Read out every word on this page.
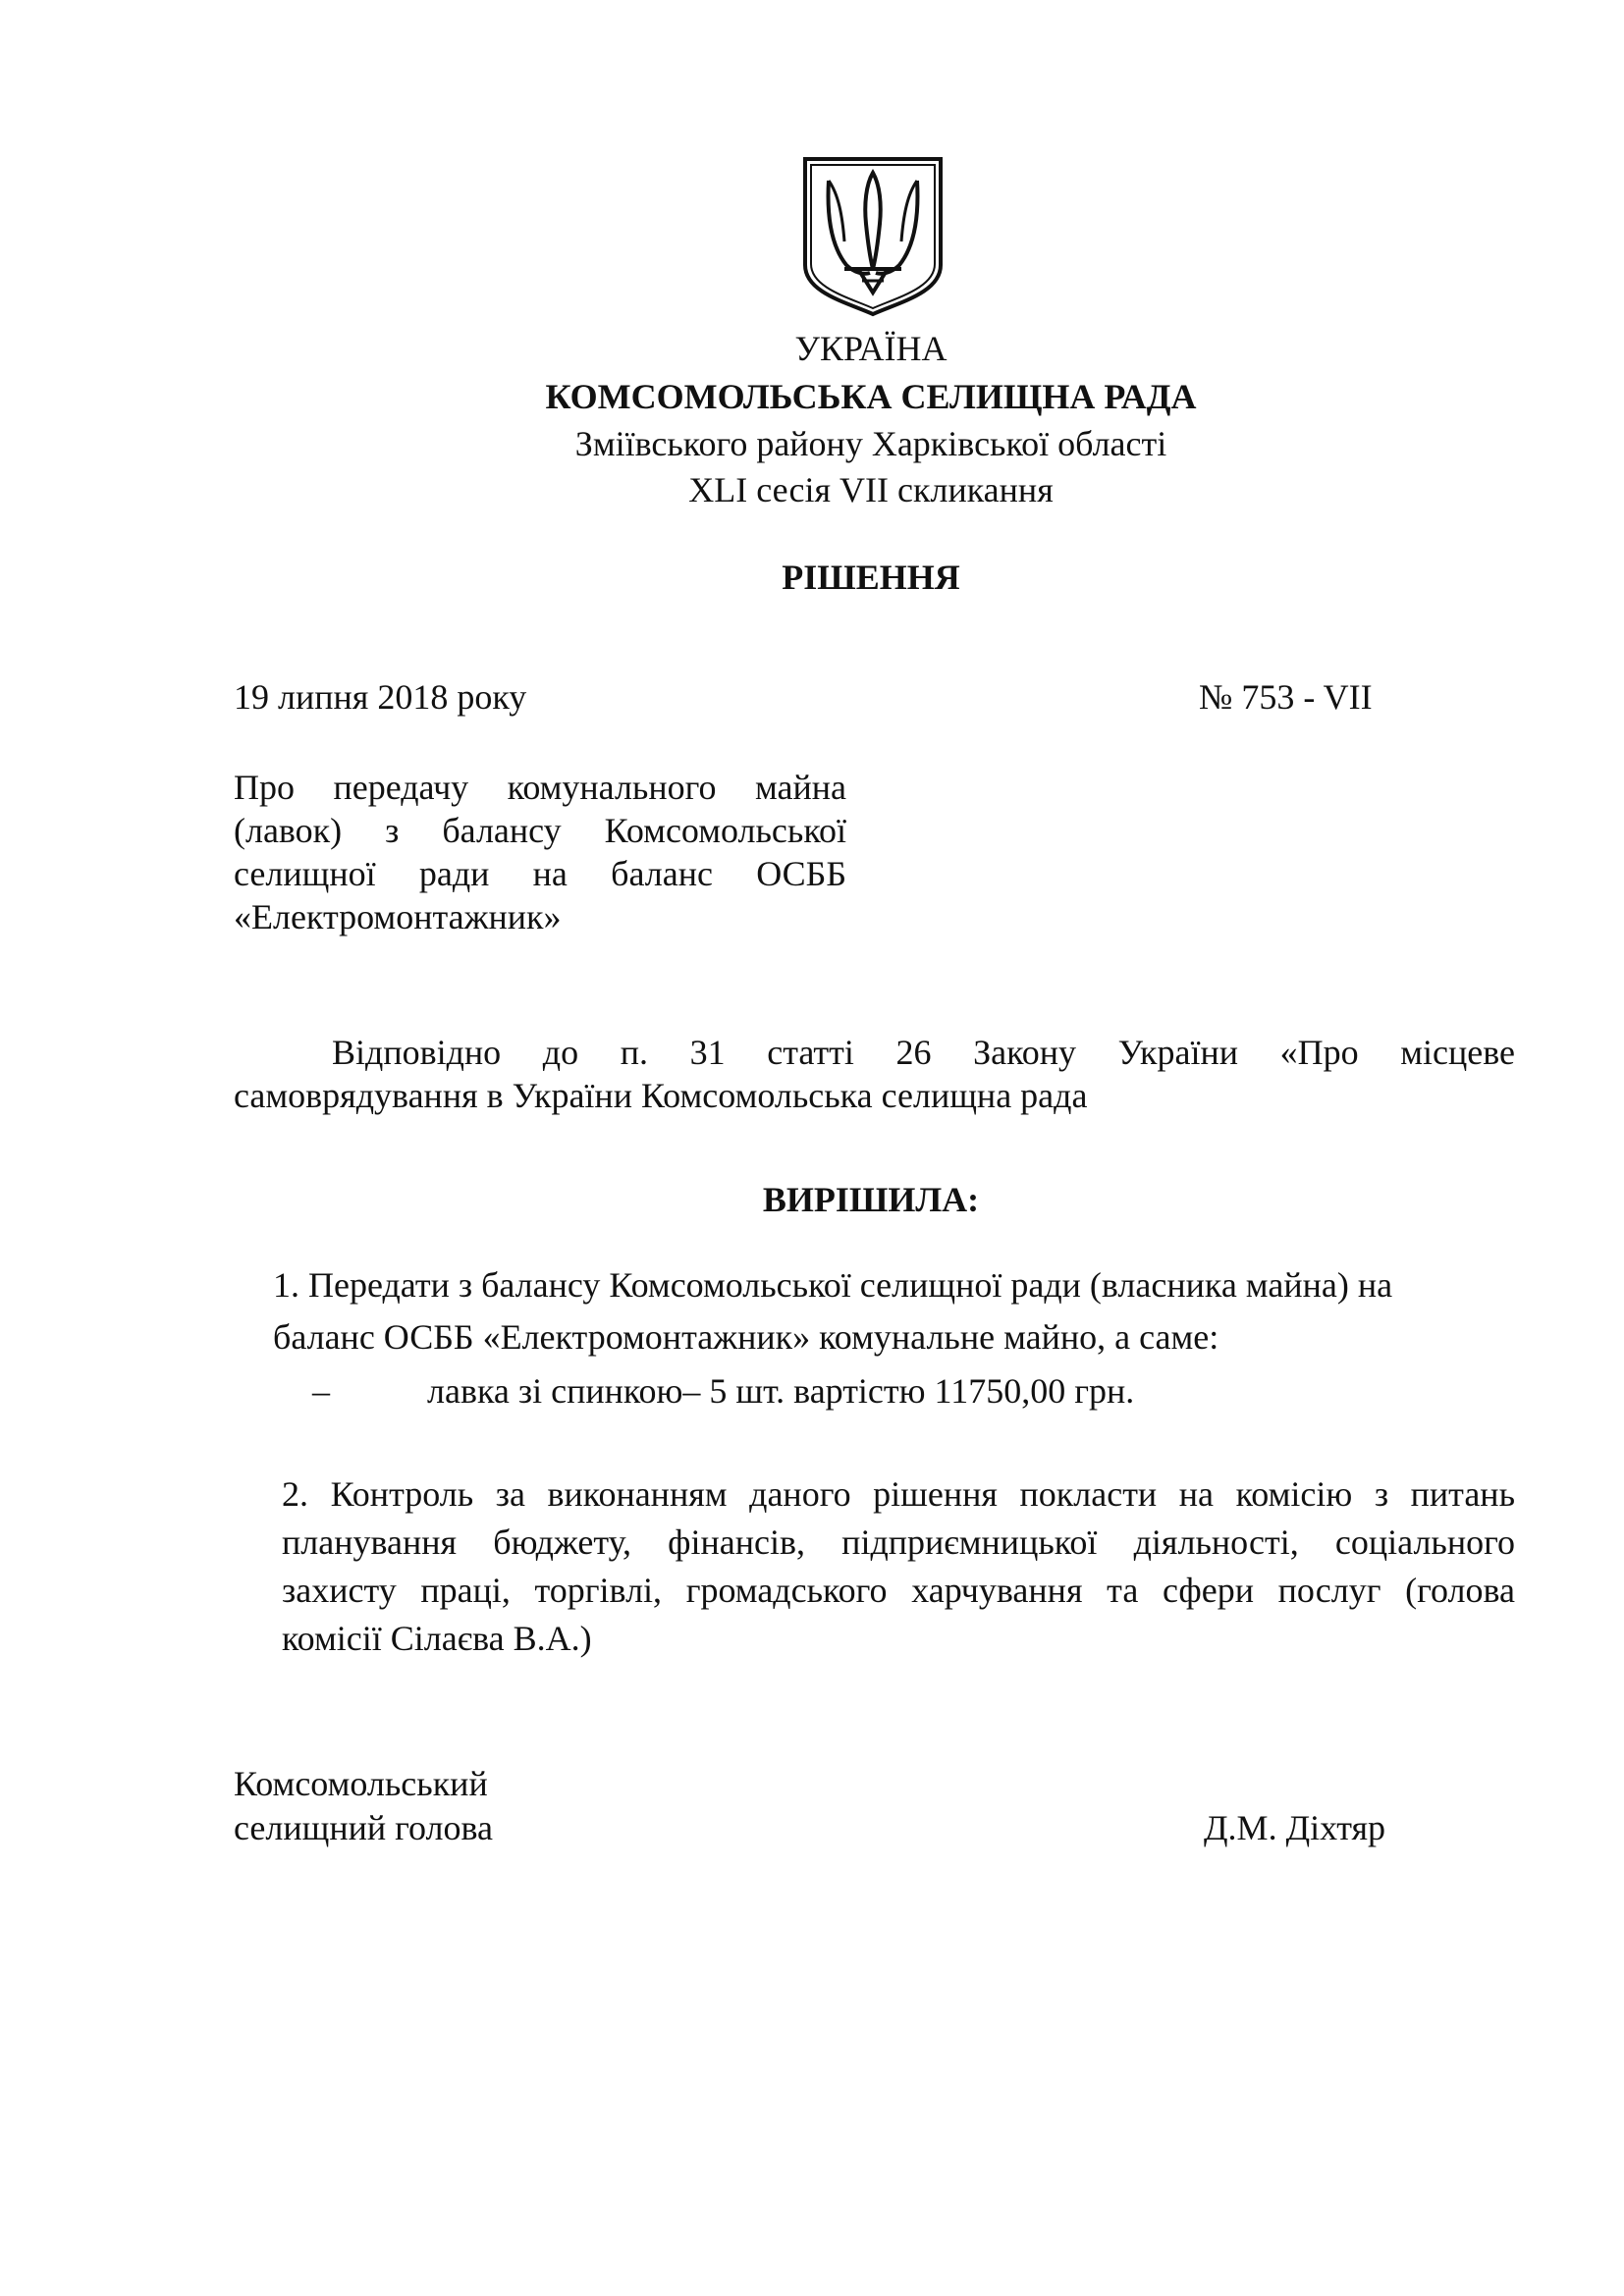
УКРАЇНА
КОМСОМОЛЬСЬКА СЕЛИЩНА РАДА
Зміївського району Харківської області
XLI сесія VII скликання
РІШЕННЯ
19 липня 2018 року	№ 753 - VII
Про передачу комунального майна
(лавок) з балансу Комсомольської
селищної ради на баланс ОСББ
«Електромонтажник»
Відповідно до п. 31 статті 26 Закону України «Про місцеве
самоврядування в України Комсомольська селищна рада
ВИРІШИЛА:
1. Передати з балансу Комсомольської селищної ради (власника майна) на
баланс ОСББ «Електромонтажник» комунальне майно, а саме:
–	лавка зі спинкою– 5 шт. вартістю 11750,00 грн.
2. Контроль за виконанням даного рішення покласти на комісію з питань
планування бюджету, фінансів, підприємницької діяльності, соціального
захисту праці, торгівлі, громадського харчування та сфери послуг (голова
комісії Сілаєва В.А.)
Комсомольський
селищний голова	Д.М. Діхтяр
